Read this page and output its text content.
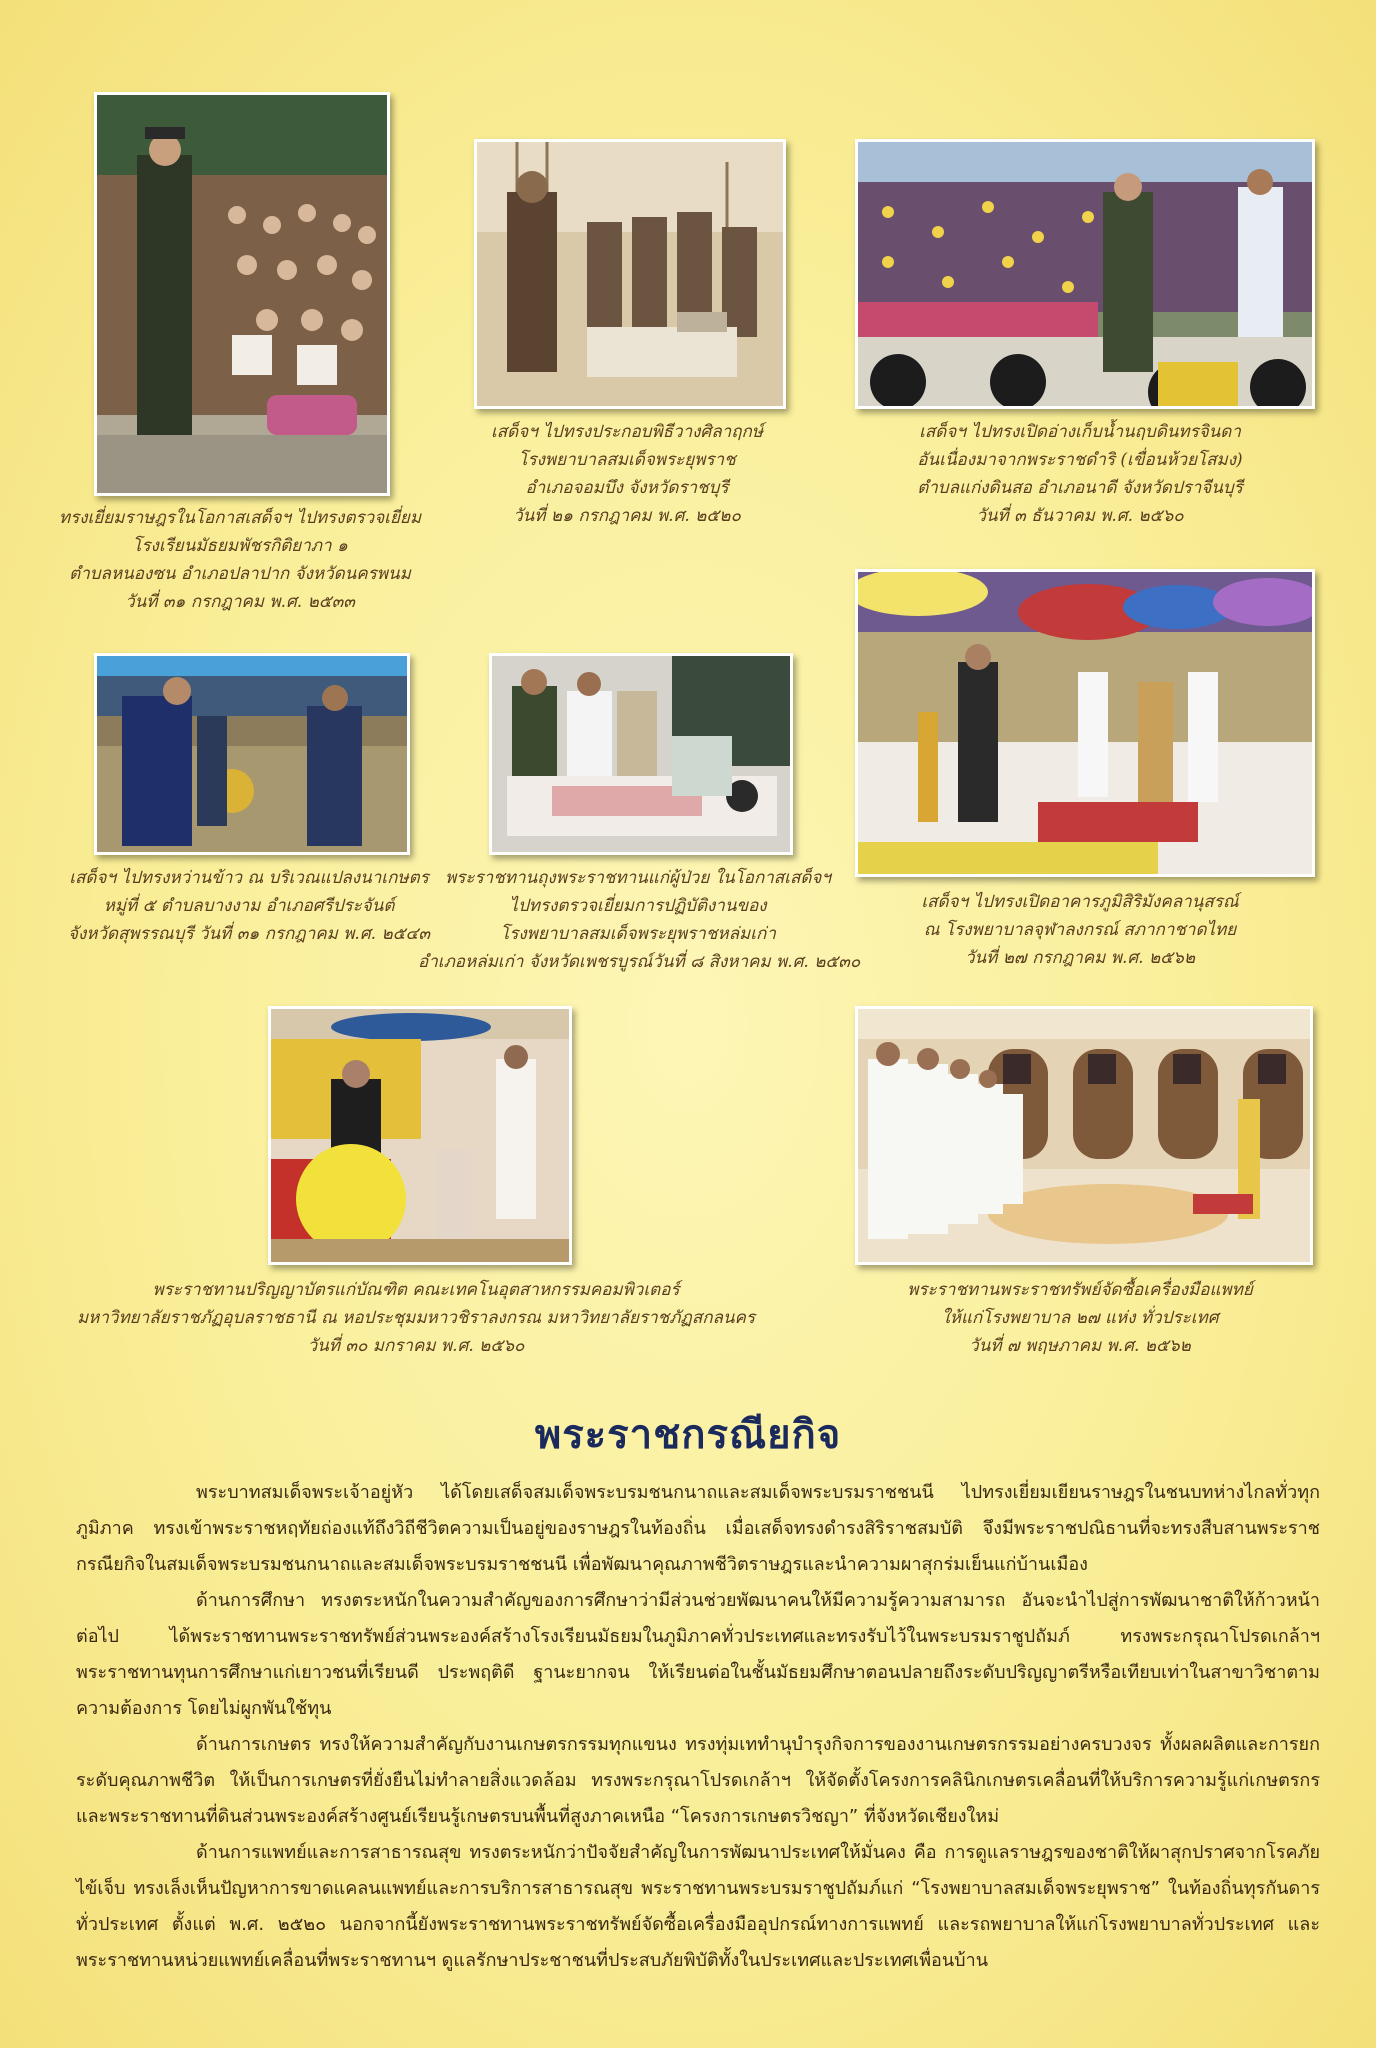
ทรงเยี่ยมราษฎรในโอกาสเสด็จฯ ไปทรงตรวจเยี่ยม
โรงเรียนมัธยมพัชรกิติยาภา ๑
ตำบลหนองซน อำเภอปลาปาก จังหวัดนครพนม
วันที่ ๓๑ กรกฎาคม พ.ศ. ๒๕๓๓
เสด็จฯ ไปทรงประกอบพิธีวางศิลาฤกษ์
โรงพยาบาลสมเด็จพระยุพราช
อำเภอจอมบึง จังหวัดราชบุรี
วันที่ ๒๑ กรกฎาคม พ.ศ. ๒๕๒๐
เสด็จฯ ไปทรงเปิดอ่างเก็บน้ำนฤบดินทรจินดา
อันเนื่องมาจากพระราชดำริ (เขื่อนห้วยโสมง)
ตำบลแก่งดินสอ อำเภอนาดี จังหวัดปราจีนบุรี
วันที่ ๓ ธันวาคม พ.ศ. ๒๕๖๐
เสด็จฯ ไปทรงหว่านข้าว ณ บริเวณแปลงนาเกษตร
หมู่ที่ ๕ ตำบลบางงาม อำเภอศรีประจันต์
จังหวัดสุพรรณบุรี วันที่ ๓๑ กรกฎาคม พ.ศ. ๒๕๔๓
พระราชทานถุงพระราชทานแก่ผู้ป่วย ในโอกาสเสด็จฯ
ไปทรงตรวจเยี่ยมการปฏิบัติงานของ
โรงพยาบาลสมเด็จพระยุพราชหล่มเก่า
อำเภอหล่มเก่า จังหวัดเพชรบูรณ์วันที่ ๘ สิงหาคม พ.ศ. ๒๕๓๐
เสด็จฯ ไปทรงเปิดอาคารภูมิสิริมังคลานุสรณ์
ณ โรงพยาบาลจุฬาลงกรณ์ สภากาชาดไทย
วันที่ ๒๗ กรกฎาคม พ.ศ. ๒๕๖๒
พระราชทานปริญญาบัตรแก่บัณฑิต คณะเทคโนอุตสาหกรรมคอมพิวเตอร์
มหาวิทยาลัยราชภัฏอุบลราชธานี ณ หอประชุมมหาวชิราลงกรณ มหาวิทยาลัยราชภัฏสกลนคร
วันที่ ๓๐ มกราคม พ.ศ. ๒๕๖๐
พระราชทานพระราชทรัพย์จัดซื้อเครื่องมือแพทย์
ให้แก่โรงพยาบาล ๒๗ แห่ง ทั่วประเทศ
วันที่ ๗ พฤษภาคม พ.ศ. ๒๕๖๒
พระราชกรณียกิจ

พระบาทสมเด็จพระเจ้าอยู่หัว ได้โดยเสด็จสมเด็จพระบรมชนกนาถและสมเด็จพระบรมราชชนนี ไปทรงเยี่ยมเยียนราษฎรในชนบทห่างไกลทั่วทุกภูมิภาค ทรงเข้าพระราชหฤทัยถ่องแท้ถึงวิถีชีวิตความเป็นอยู่ของราษฎรในท้องถิ่น เมื่อเสด็จทรงดำรงสิริราชสมบัติ จึงมีพระราชปณิธานที่จะทรงสืบสานพระราชกรณียกิจในสมเด็จพระบรมชนกนาถและสมเด็จพระบรมราชชนนี เพื่อพัฒนาคุณภาพชีวิตราษฎรและนำความผาสุกร่มเย็นแก่บ้านเมือง

ด้านการศึกษา ทรงตระหนักในความสำคัญของการศึกษาว่ามีส่วนช่วยพัฒนาคนให้มีความรู้ความสามารถ อันจะนำไปสู่การพัฒนาชาติให้ก้าวหน้าต่อไป ได้พระราชทานพระราชทรัพย์ส่วนพระองค์สร้างโรงเรียนมัธยมในภูมิภาคทั่วประเทศและทรงรับไว้ในพระบรมราชูปถัมภ์ ทรงพระกรุณาโปรดเกล้าฯ พระราชทานทุนการศึกษาแก่เยาวชนที่เรียนดี ประพฤติดี ฐานะยากจน ให้เรียนต่อในชั้นมัธยมศึกษาตอนปลายถึงระดับปริญญาตรีหรือเทียบเท่าในสาขาวิชาตามความต้องการ โดยไม่ผูกพันใช้ทุน

ด้านการเกษตร ทรงให้ความสำคัญกับงานเกษตรกรรมทุกแขนง ทรงทุ่มเททำนุบำรุงกิจการของงานเกษตรกรรมอย่างครบวงจร ทั้งผลผลิตและการยกระดับคุณภาพชีวิต ให้เป็นการเกษตรที่ยั่งยืนไม่ทำลายสิ่งแวดล้อม ทรงพระกรุณาโปรดเกล้าฯ ให้จัดตั้งโครงการคลินิกเกษตรเคลื่อนที่ให้บริการความรู้แก่เกษตรกร และพระราชทานที่ดินส่วนพระองค์สร้างศูนย์เรียนรู้เกษตรบนพื้นที่สูงภาคเหนือ “โครงการเกษตรวิชญา” ที่จังหวัดเชียงใหม่

ด้านการแพทย์และการสาธารณสุข ทรงตระหนักว่าปัจจัยสำคัญในการพัฒนาประเทศให้มั่นคง คือ การดูแลราษฎรของชาติให้ผาสุกปราศจากโรคภัยไข้เจ็บ ทรงเล็งเห็นปัญหาการขาดแคลนแพทย์และการบริการสาธารณสุข พระราชทานพระบรมราชูปถัมภ์แก่ “โรงพยาบาลสมเด็จพระยุพราช” ในท้องถิ่นทุรกันดารทั่วประเทศ ตั้งแต่ พ.ศ. ๒๕๒๐ นอกจากนี้ยังพระราชทานพระราชทรัพย์จัดซื้อเครื่องมืออุปกรณ์ทางการแพทย์ และรถพยาบาลให้แก่โรงพยาบาลทั่วประเทศ และพระราชทานหน่วยแพทย์เคลื่อนที่พระราชทานฯ ดูแลรักษาประชาชนที่ประสบภัยพิบัติทั้งในประเทศและประเทศเพื่อนบ้าน
